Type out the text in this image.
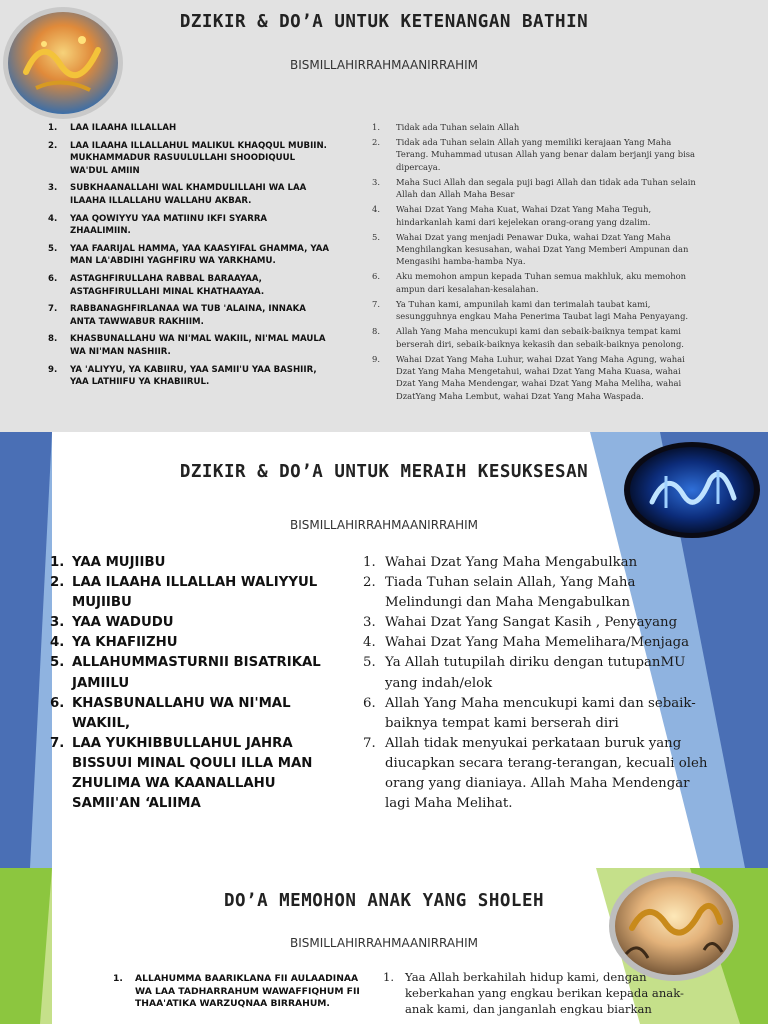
DZIKIR & DO’A UNTUK KETENANGAN BATHIN
BISMILLAHIRRAHMAANIRRAHIM
1. LAA ILAAHA ILLALLAH
2. LAA ILAAHA ILLALLAHUL MALIKUL KHAQQUL MUBIIN. MUKHAMMADUR RASUULULLAHI SHOODIQUUL WA'DUL AMIIN
3. SUBKHAANALLAHI WAL KHAMDULILLAHI WA LAA ILAAHA ILLALLAHU WALLAHU AKBAR.
4. YAA QOWIYYU YAA MATIINU IKFI SYARRA ZHAALIMIIN.
5. YAA FAARIJAL HAMMA, YAA KAASYIFAL GHAMMA, YAA MAN LA'ABDIHI YAGHFIRU WA YARKHAMU.
6. ASTAGHFIRULLAHA RABBAL BARAAYAA, ASTAGHFIRULLAHI MINAL KHATHAAYAA.
7. RABBANAGHFIRLANAA WA TUB 'ALAINA, INNAKA ANTA TAWWABUR RAKHIIM.
8. KHASBUNALLAHU WA NI'MAL WAKIIL, NI'MAL MAULA WA NI'MAN NASHIIR.
9. YA 'ALIYYU, YA KABIIRU, YAA SAMII'U YAA BASHIIR, YAA LATHIIFU YA KHABIIRUL.
1. Tidak ada Tuhan selain Allah
2. Tidak ada Tuhan selain Allah yang memiliki kerajaan Yang Maha Terang. Muhammad utusan Allah yang benar dalam berjanji yang bisa dipercaya.
3. Maha Suci Allah dan segala puji bagi Allah dan tidak ada Tuhan selain Allah dan Allah Maha Besar
4. Wahai Dzat Yang Maha Kuat, Wahai Dzat Yang Maha Teguh, hindarkanlah kami dari kejelekan orang-orang yang dzalim.
5. Wahai Dzat yang menjadi Penawar Duka, wahai Dzat Yang Maha Menghilangkan kesusahan, wahai Dzat Yang Memberi Ampunan dan Mengasihi hamba-hamba Nya.
6. Aku memohon ampun kepada Tuhan semua makhluk, aku memohon ampun dari kesalahan-kesalahan.
7. Ya Tuhan kami, ampunilah kami dan terimalah taubat kami, sesungguhnya engkau Maha Penerima Taubat lagi Maha Penyayang.
8. Allah Yang Maha mencukupi kami dan sebaik-baiknya tempat kami berserah diri, sebaik-baiknya kekasih dan sebaik-baiknya penolong.
9. Wahai Dzat Yang Maha Luhur, wahai Dzat Yang Maha Agung, wahai Dzat Yang Maha Mengetahui, wahai Dzat Yang Maha Kuasa, wahai Dzat Yang Maha Mendengar, wahai Dzat Yang Maha Meliha, wahai DzatYang Maha Lembut, wahai Dzat Yang Maha Waspada.
DZIKIR & DO’A UNTUK MERAIH KESUKSESAN
BISMILLAHIRRAHMAANIRRAHIM
1. YAA MUJIIBU
2. LAA ILAAHA ILLALLAH WALIYYUL MUJIIBU
3. YAA WADUDU
4. YA KHAFIIZHU
5. ALLAHUMMASTURNII BISATRIKAL JAMIILU
6. KHASBUNALLAHU WA NI'MAL WAKIIL,
7. LAA YUKHIBBULLAHUL JAHRA BISSUUI MINAL QOULI ILLA MAN ZHULIMA WA KAANALLAHU SAMII'AN ‘ALIIMA
1. Wahai Dzat Yang Maha Mengabulkan
2. Tiada Tuhan selain Allah, Yang Maha Melindungi dan Maha Mengabulkan
3. Wahai Dzat Yang Sangat Kasih , Penyayang
4. Wahai Dzat Yang Maha Memelihara/Menjaga
5. Ya Allah tutupilah diriku dengan tutupanMU yang indah/elok
6. Allah Yang Maha mencukupi kami dan sebaik-baiknya tempat kami berserah diri
7. Allah tidak menyukai perkataan buruk yang diucapkan secara terang-terangan, kecuali oleh orang yang dianiaya. Allah Maha Mendengar lagi Maha Melihat.
DO’A MEMOHON ANAK YANG SHOLEH
BISMILLAHIRRAHMAANIRRAHIM
1. ALLAHUMMA BAARIKLANA FII AULAADINAA WA LAA TADHARRAHUM WAWAFFIQHUM FII THAA'ATIKA WARZUQNAA BIRRAHUM.
1. Yaa Allah berkahilah hidup kami, dengan keberkahan yang engkau berikan kepada anak-anak kami, dan janganlah engkau biarkan
